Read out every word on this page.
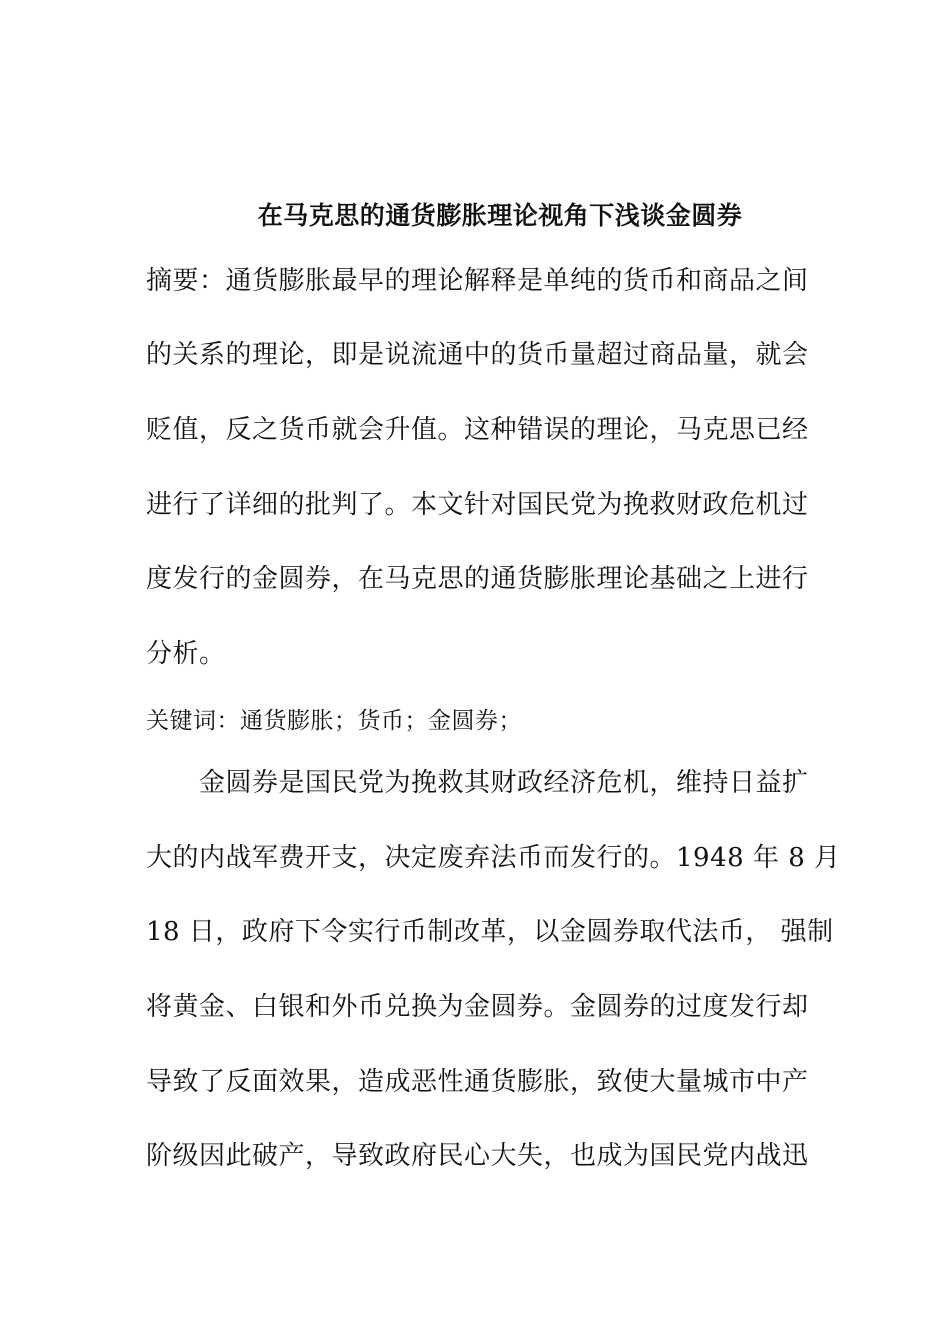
在马克思的通货膨胀理论视角下浅谈金圆券
摘要：通货膨胀最早的理论解释是单纯的货币和商品之间
的关系的理论，即是说流通中的货币量超过商品量，就会
贬值，反之货币就会升值。这种错误的理论，马克思已经
进行了详细的批判了。本文针对国民党为挽救财政危机过
度发行的金圆券，在马克思的通货膨胀理论基础之上进行
分析。
关键词：通货膨胀；货币；金圆券；
　　金圆券是国民党为挽救其财政经济危机，维持日益扩
大的内战军费开支，决定废弃法币而发行的。1948 年 8 月
18 日，政府下令实行币制改革，以金圆券取代法币， 强制
将黄金、白银和外币兑换为金圆券。金圆券的过度发行却
导致了反面效果，造成恶性通货膨胀，致使大量城市中产
阶级因此破产，导致政府民心大失，也成为国民党内战迅
